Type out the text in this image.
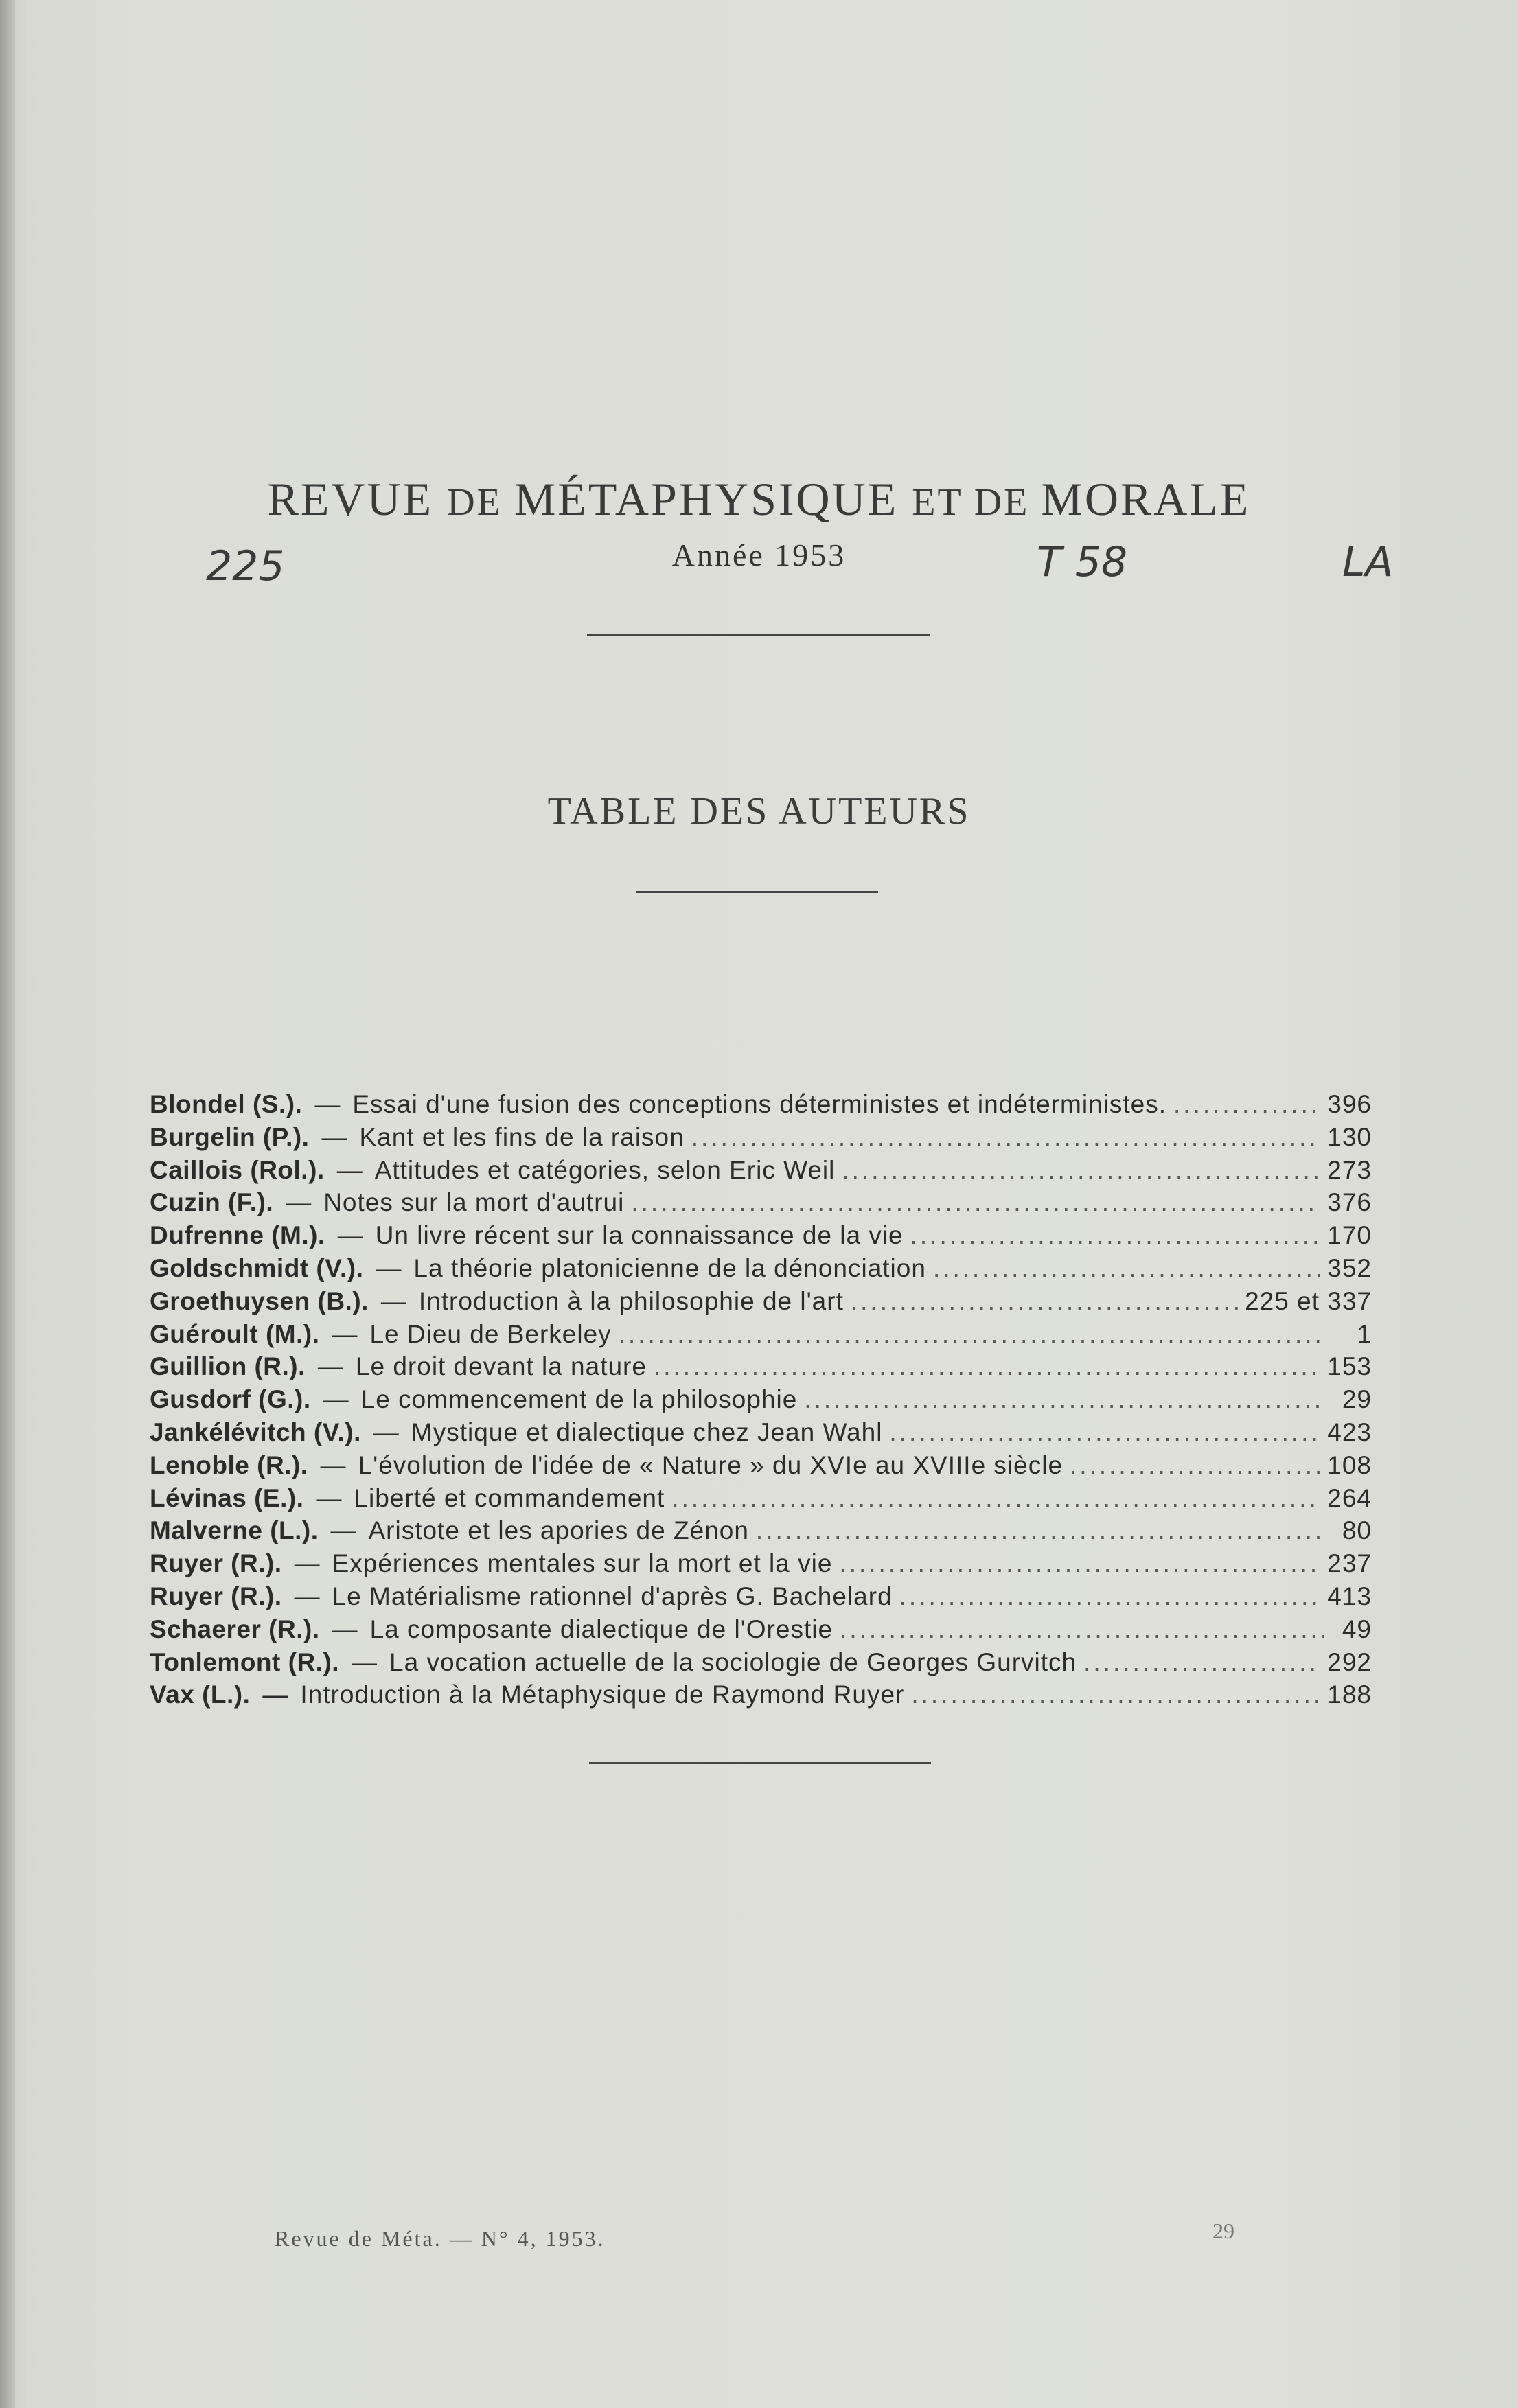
REVUE DE MÉTAPHYSIQUE ET DE MORALE
225	Année 1953	T 58	LA
TABLE DES AUTEURS
Blondel (S.). — Essai d'une fusion des conceptions déterministes et indéterministes. .....	396
Burgelin (P.). — Kant et les fins de la raison .....	130
Caillois (Rol.). — Attitudes et catégories, selon Eric Weil .....	273
Cuzin (F.). — Notes sur la mort d'autrui .....	376
Dufrenne (M.). — Un livre récent sur la connaissance de la vie .....	170
Goldschmidt (V.). — La théorie platonicienne de la dénonciation .....	352
Groethuysen (B.). — Introduction à la philosophie de l'art .....	225 et 337
Guéroult (M.). — Le Dieu de Berkeley .....	1
Guillion (R.). — Le droit devant la nature .....	153
Gusdorf (G.). — Le commencement de la philosophie .....	29
Jankélévitch (V.). — Mystique et dialectique chez Jean Wahl .....	423
Lenoble (R.). — L'évolution de l'idée de « Nature » du XVIe au XVIIIe siècle .....	108
Lévinas (E.). — Liberté et commandement .....	264
Malverne (L.). — Aristote et les apories de Zénon .....	80
Ruyer (R.). — Expériences mentales sur la mort et la vie .....	237
Ruyer (R.). — Le Matérialisme rationnel d'après G. Bachelard .....	413
Schaerer (R.). — La composante dialectique de l'Orestie .....	49
Tonlemont (R.). — La vocation actuelle de la sociologie de Georges Gurvitch .....	292
Vax (L.). — Introduction à la Métaphysique de Raymond Ruyer .....	188
Revue de Méta. — N° 4, 1953.	29
